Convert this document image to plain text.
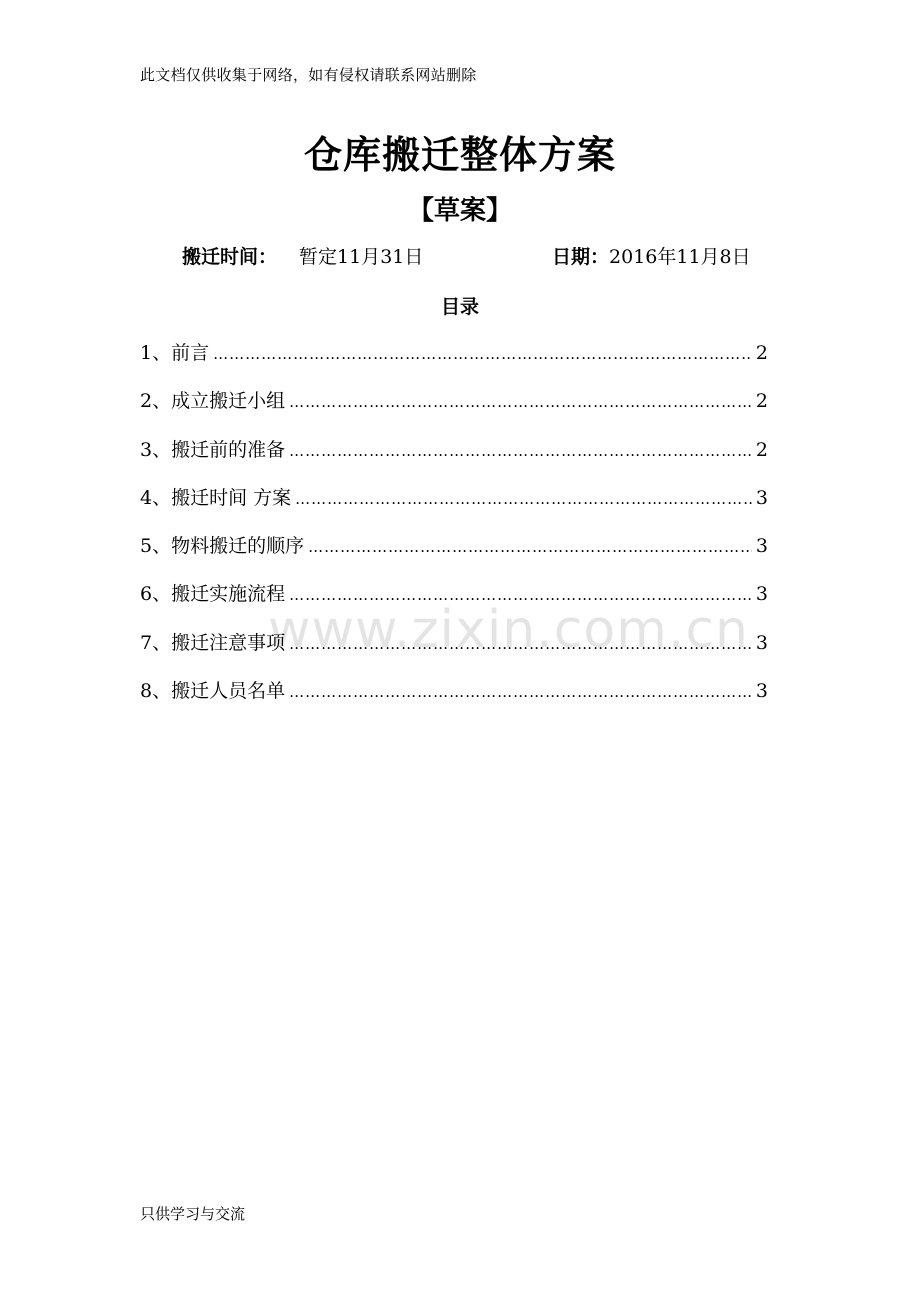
此文档仅供收集于网络，如有侵权请联系网站删除
仓库搬迁整体方案
【草案】
搬迁时间： 暂定11月31日	日期：2016年11月8日
目录
1、前言 ……………………………………………………………………………………………………………………………………………………	2
2、成立搬迁小组 ……………………………………………………………………………………………………………………………………………………	2
3、搬迁前的准备 ……………………………………………………………………………………………………………………………………………………	2
4、搬迁时间 方案 ……………………………………………………………………………………………………………………………………………………	3
5、物料搬迁的顺序 ……………………………………………………………………………………………………………………………………………………	3
6、搬迁实施流程 ……………………………………………………………………………………………………………………………………………………	3
7、搬迁注意事项 ……………………………………………………………………………………………………………………………………………………	3
8、搬迁人员名单 ……………………………………………………………………………………………………………………………………………………	3
www.zixin.com.cn
只供学习与交流
